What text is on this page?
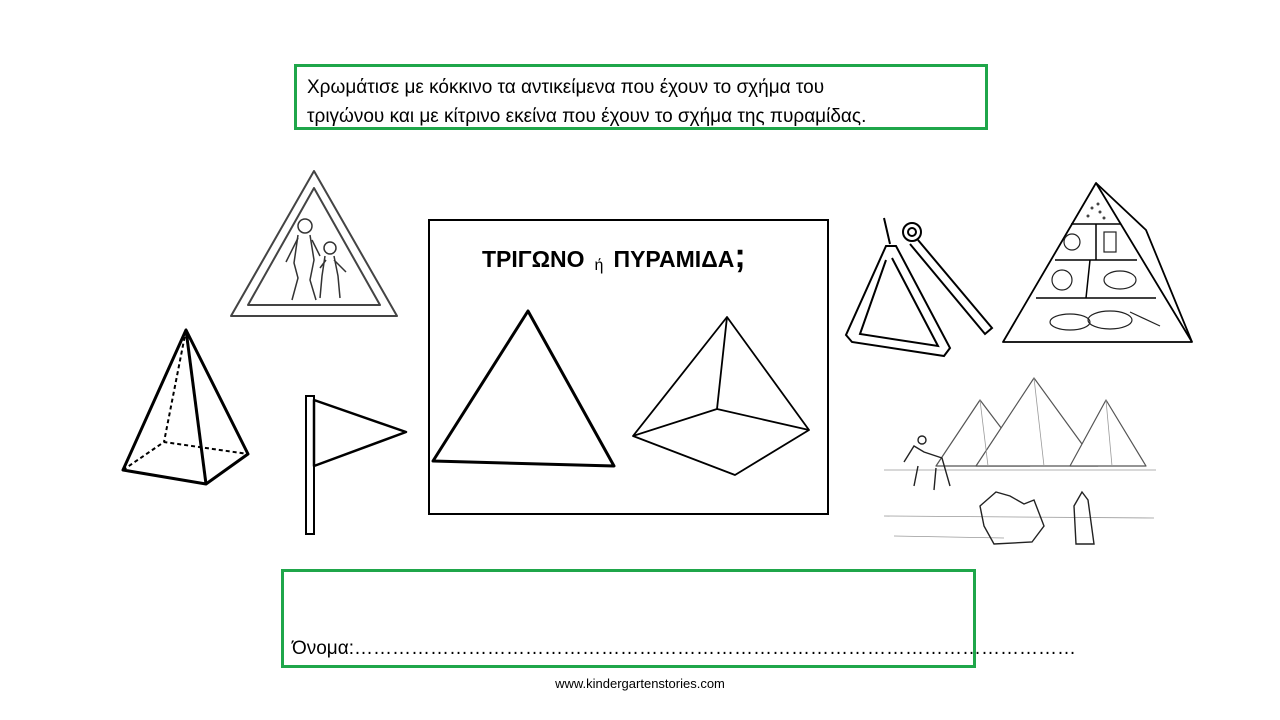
Χρωμάτισε με κόκκινο τα αντικείμενα που έχουν το σχήμα του
τριγώνου και με κίτρινο εκείνα που έχουν το σχήμα της πυραμίδας.
ΤΡΙΓΩΝΟ ή ΠΥΡΑΜΙΔΑ;
Όνομα:……………………………………………………………………………………………………
www.kindergartenstories.com
